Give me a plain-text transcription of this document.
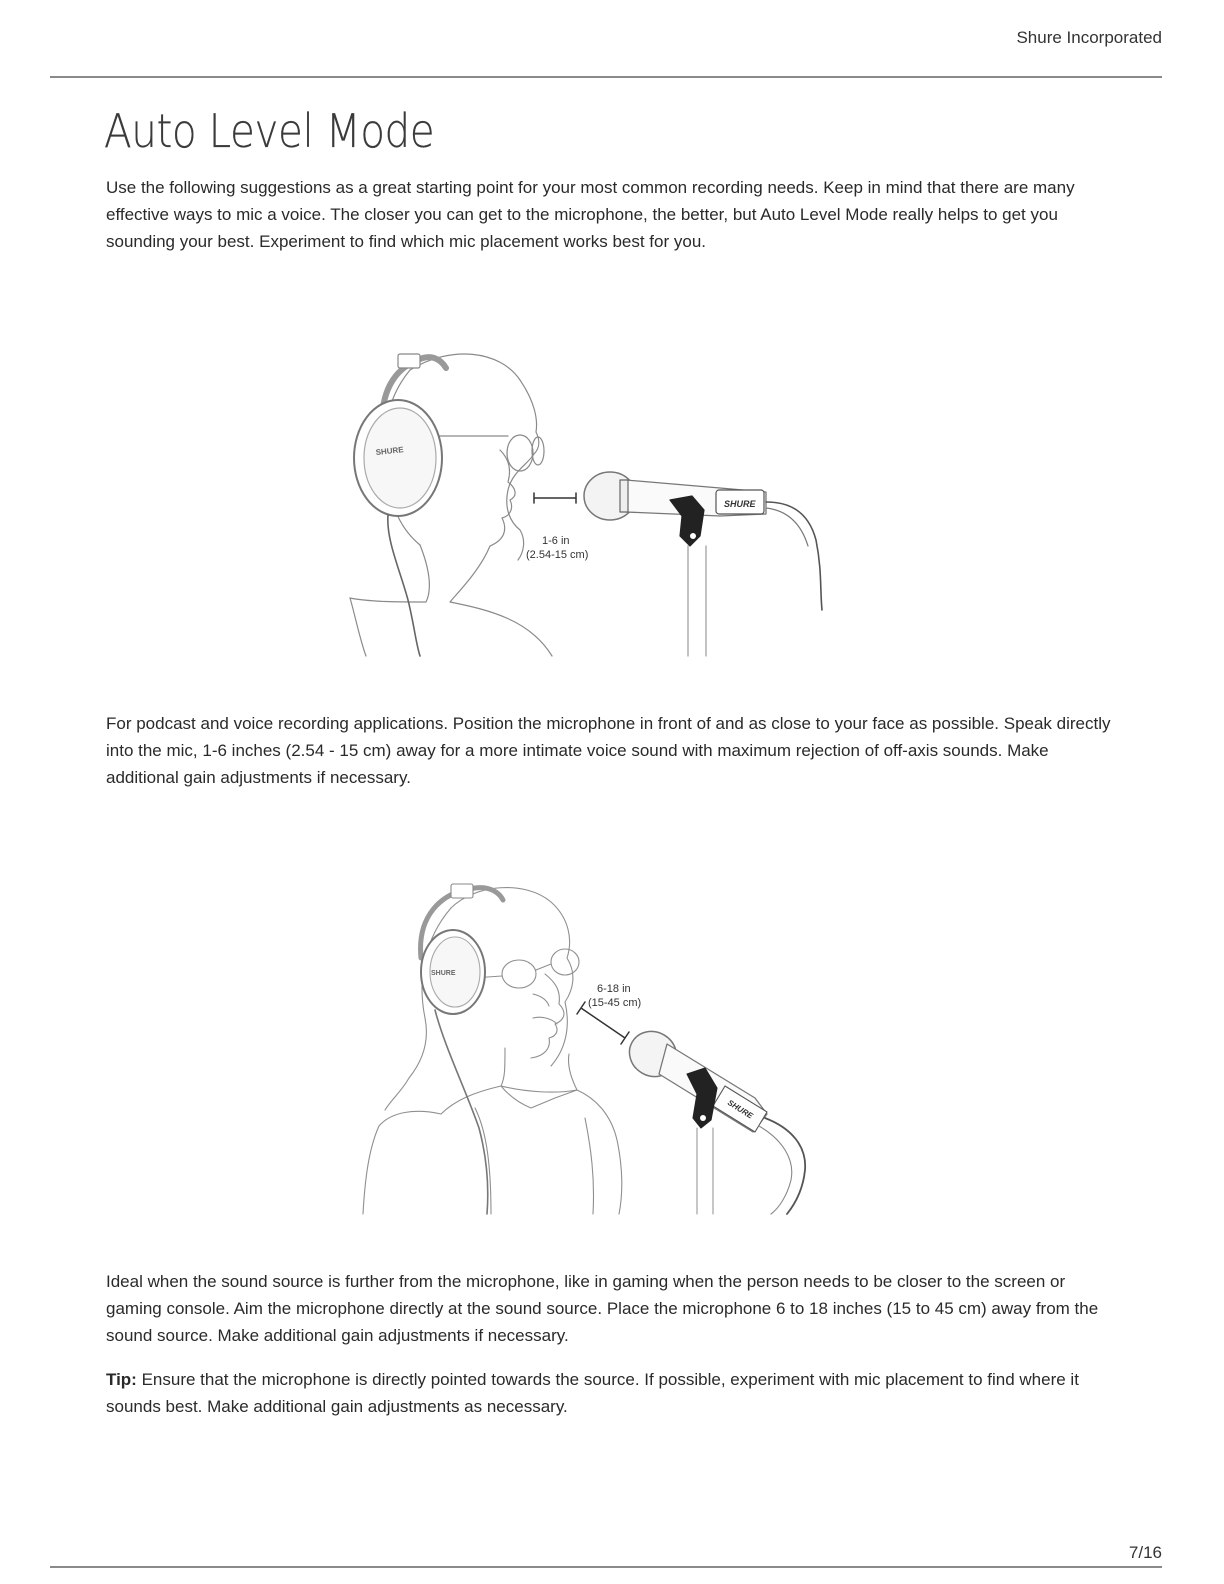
Shure Incorporated
Auto Level Mode

Use the following suggestions as a great starting point for your most common recording needs. Keep in mind that there are many effective ways to mic a voice. The closer you can get to the microphone, the better, but Auto Level Mode really helps to get you sounding your best. Experiment to find which mic placement works best for you.

SHURE
1-6 in
(2.54-15 cm)
SHURE

For podcast and voice recording applications. Position the microphone in front of and as close to your face as possible. Speak directly into the mic, 1-6 inches (2.54 - 15 cm) away for a more intimate voice sound with maximum rejection of off-axis sounds. Make additional gain adjustments if necessary.

SHURE
6-18 in
(15-45 cm)
SHURE

Ideal when the sound source is further from the microphone, like in gaming when the person needs to be closer to the screen or gaming console. Aim the microphone directly at the sound source. Place the microphone 6 to 18 inches (15 to 45 cm) away from the sound source. Make additional gain adjustments if necessary.

Tip: Ensure that the microphone is directly pointed towards the source. If possible, experiment with mic placement to find where it sounds best. Make additional gain adjustments as necessary.

7/16
